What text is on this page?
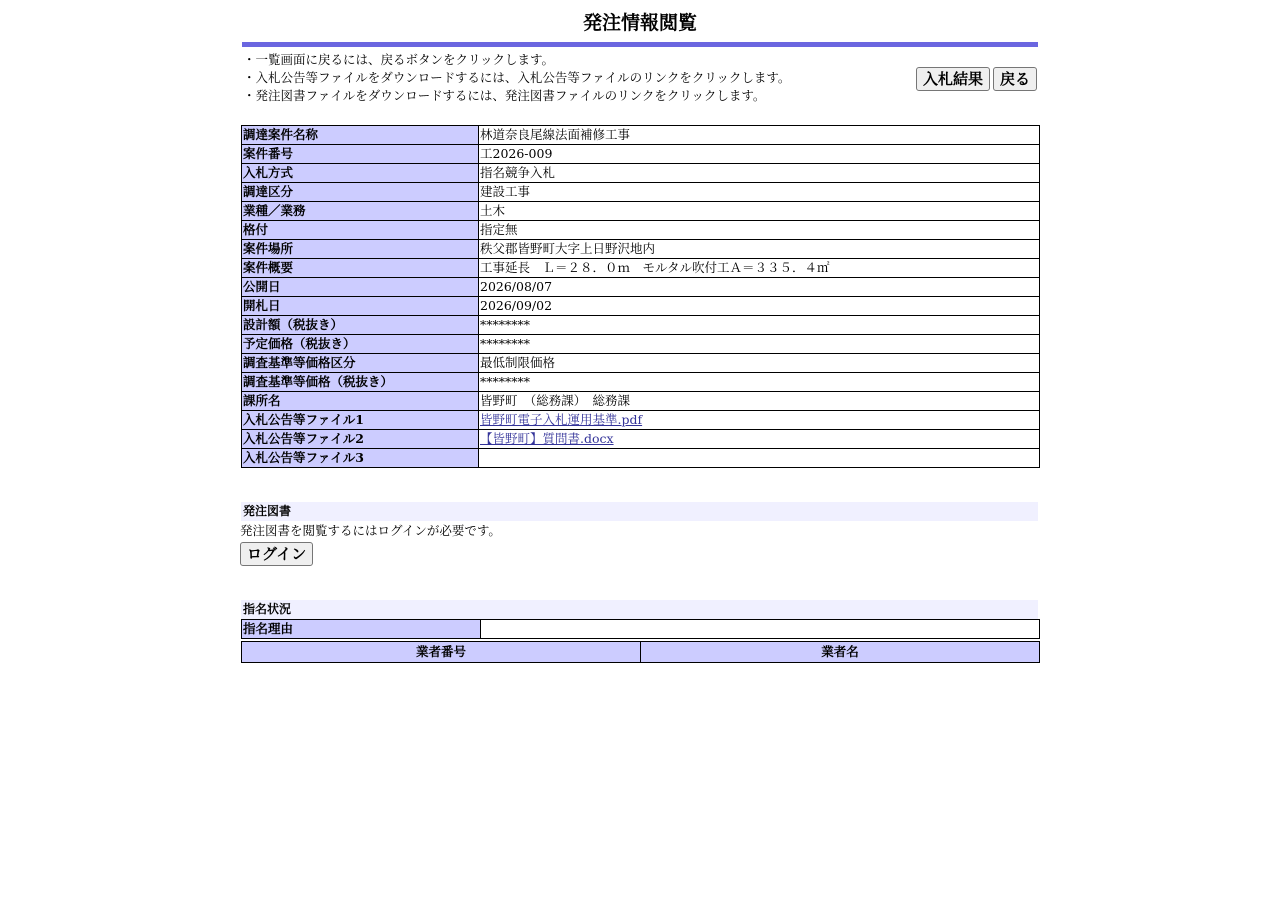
発注情報閲覧
・一覧画面に戻るには、戻るボタンをクリックします。
・入札公告等ファイルをダウンロードするには、入札公告等ファイルのリンクをクリックします。
・発注図書ファイルをダウンロードするには、発注図書ファイルのリンクをクリックします。
入札結果	戻る
調達案件名称	林道奈良尾線法面補修工事
案件番号	工2026-009
入札方式	指名競争入札
調達区分	建設工事
業種／業務	土木
格付	指定無
案件場所	秩父郡皆野町大字上日野沢地内
案件概要	工事延長　Ｌ＝２８．０ｍ　モルタル吹付工Ａ＝３３５．４㎡
公開日	2026/08/07
開札日	2026/09/02
設計額（税抜き）	********
予定価格（税抜き）	********
調査基準等価格区分	最低制限価格
調査基準等価格（税抜き）	********
課所名	皆野町　（総務課）　総務課
入札公告等ファイル1	皆野町電子入札運用基準.pdf
入札公告等ファイル2	【皆野町】質問書.docx
入札公告等ファイル3	
発注図書
発注図書を閲覧するにはログインが必要です。
ログイン
指名状況
指名理由	
業者番号	業者名
